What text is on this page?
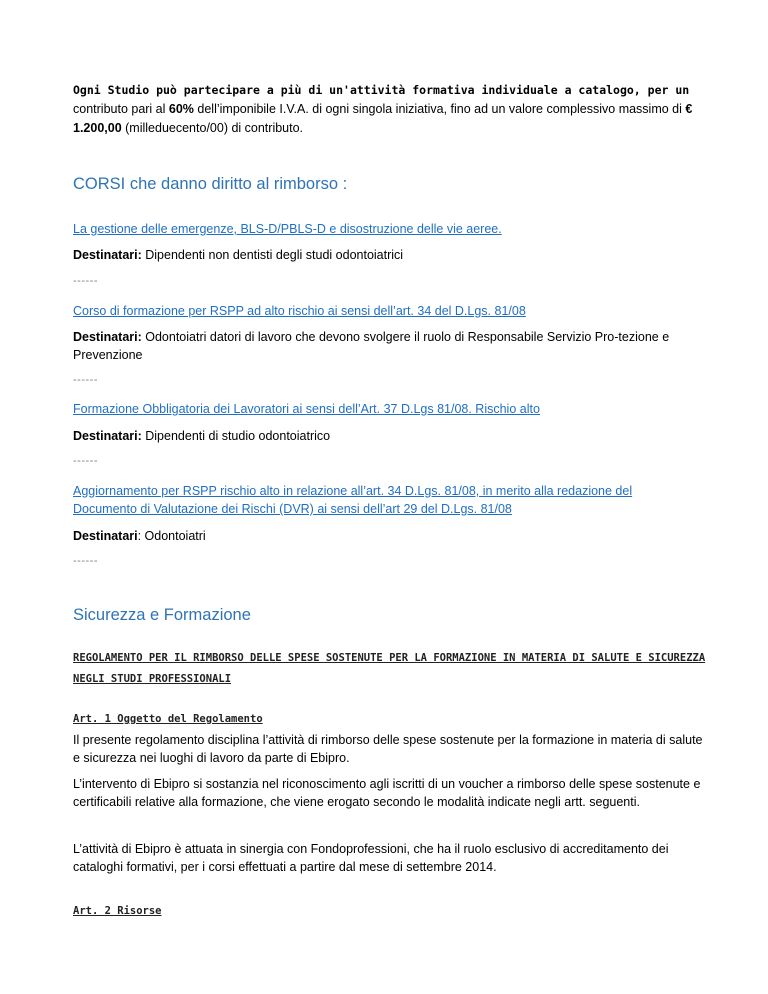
Ogni Studio può partecipare a più di un'attività formativa individuale a catalogo, per un contributo pari al 60% dell’imponibile I.V.A. di ogni singola iniziativa, fino ad un valore complessivo massimo di € 1.200,00 (milleduecento/00) di contributo.

CORSI che danno diritto al rimborso :
La gestione delle emergenze, BLS-D/PBLS-D e disostruzione delle vie aeree.
Destinatari: Dipendenti non dentisti degli studi odontoiatrici
------
Corso di formazione per RSPP ad alto rischio ai sensi dell’art. 34 del D.Lgs. 81/08
Destinatari: Odontoiatri datori di lavoro che devono svolgere il ruolo di Responsabile Servizio Pro-tezione e Prevenzione
------
Formazione Obbligatoria dei Lavoratori ai sensi dell’Art. 37 D.Lgs 81/08. Rischio alto
Destinatari: Dipendenti di studio odontoiatrico
------
Aggiornamento per RSPP rischio alto in relazione all’art. 34 D.Lgs. 81/08, in merito alla redazione del Documento di Valutazione dei Rischi (DVR) ai sensi dell’art 29 del D.Lgs. 81/08
Destinatari: Odontoiatri
------
Sicurezza e Formazione
REGOLAMENTO PER IL RIMBORSO DELLE SPESE SOSTENUTE PER LA FORMAZIONE IN MATERIA DI SALUTE E SICUREZZA NEGLI STUDI PROFESSIONALI
Art. 1 Oggetto del Regolamento
Il presente regolamento disciplina l’attività di rimborso delle spese sostenute per la formazione in materia di salute e sicurezza nei luoghi di lavoro da parte di Ebipro.
L’intervento di Ebipro si sostanzia nel riconoscimento agli iscritti di un voucher a rimborso delle spese sostenute e certificabili relative alla formazione, che viene erogato secondo le modalità indicate negli artt. seguenti.
L’attività di Ebipro è attuata in sinergia con Fondoprofessioni, che ha il ruolo esclusivo di accreditamento dei cataloghi formativi, per i corsi effettuati a partire dal mese di settembre 2014.
Art. 2 Risorse
